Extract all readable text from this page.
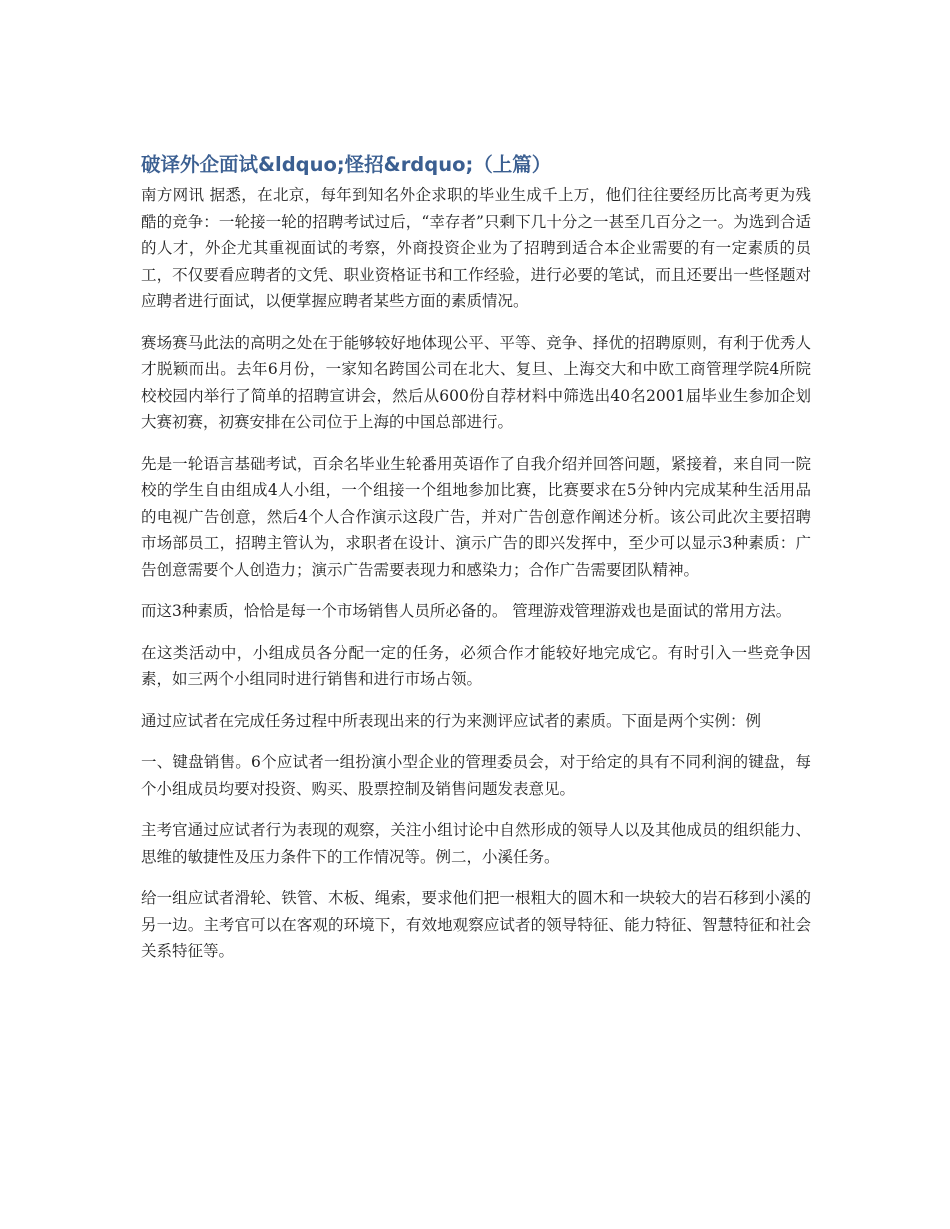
破译外企面试&ldquo;怪招&rdquo;（上篇）

南方网讯 据悉，在北京，每年到知名外企求职的毕业生成千上万，他们往往要经历比高考更为残酷的竞争：一轮接一轮的招聘考试过后，“幸存者”只剩下几十分之一甚至几百分之一。为选到合适的人才，外企尤其重视面试的考察，外商投资企业为了招聘到适合本企业需要的有一定素质的员工，不仅要看应聘者的文凭、职业资格证书和工作经验，进行必要的笔试，而且还要出一些怪题对应聘者进行面试，以便掌握应聘者某些方面的素质情况。

赛场赛马此法的高明之处在于能够较好地体现公平、平等、竞争、择优的招聘原则，有利于优秀人才脱颖而出。去年6月份，一家知名跨国公司在北大、复旦、上海交大和中欧工商管理学院4所院校校园内举行了简单的招聘宣讲会，然后从600份自荐材料中筛选出40名2001届毕业生参加企划大赛初赛，初赛安排在公司位于上海的中国总部进行。

先是一轮语言基础考试，百余名毕业生轮番用英语作了自我介绍并回答问题，紧接着，来自同一院校的学生自由组成4人小组，一个组接一个组地参加比赛，比赛要求在5分钟内完成某种生活用品的电视广告创意，然后4个人合作演示这段广告，并对广告创意作阐述分析。该公司此次主要招聘市场部员工，招聘主管认为，求职者在设计、演示广告的即兴发挥中，至少可以显示3种素质：广告创意需要个人创造力；演示广告需要表现力和感染力；合作广告需要团队精神。

而这3种素质，恰恰是每一个市场销售人员所必备的。 管理游戏管理游戏也是面试的常用方法。

在这类活动中，小组成员各分配一定的任务，必须合作才能较好地完成它。有时引入一些竞争因素，如三两个小组同时进行销售和进行市场占领。

通过应试者在完成任务过程中所表现出来的行为来测评应试者的素质。下面是两个实例：例

一、键盘销售。6个应试者一组扮演小型企业的管理委员会，对于给定的具有不同利润的键盘，每个小组成员均要对投资、购买、股票控制及销售问题发表意见。

主考官通过应试者行为表现的观察，关注小组讨论中自然形成的领导人以及其他成员的组织能力、思维的敏捷性及压力条件下的工作情况等。例二，小溪任务。

给一组应试者滑轮、铁管、木板、绳索，要求他们把一根粗大的圆木和一块较大的岩石移到小溪的另一边。主考官可以在客观的环境下，有效地观察应试者的领导特征、能力特征、智慧特征和社会关系特征等。
